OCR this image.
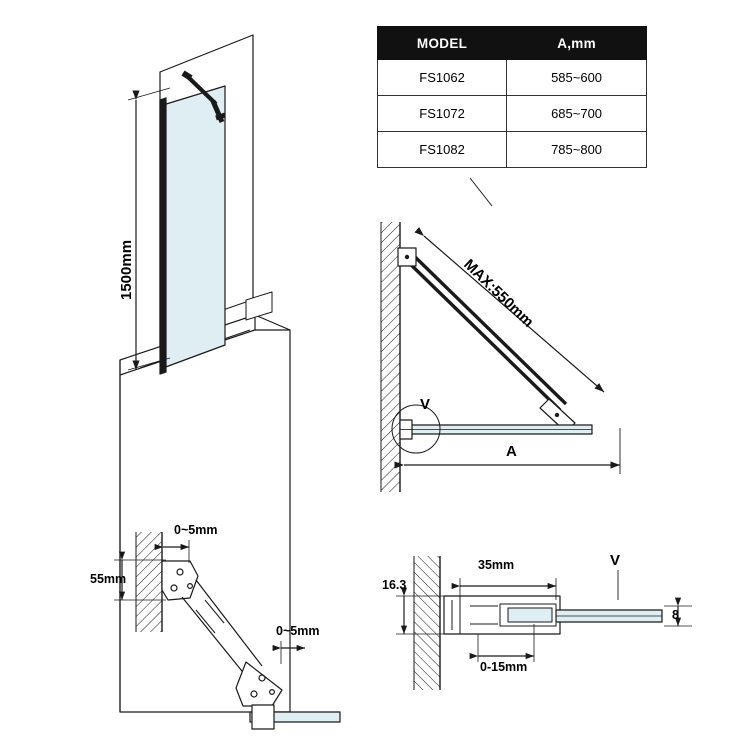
MODEL	A,mm
FS1062	585~600
FS1072	685~700
FS1082	785~800
1500mm	MAX:550mm
A
V
0~5mm
0~5mm
55mm	16.3
35mm
8
0-15mm
V
